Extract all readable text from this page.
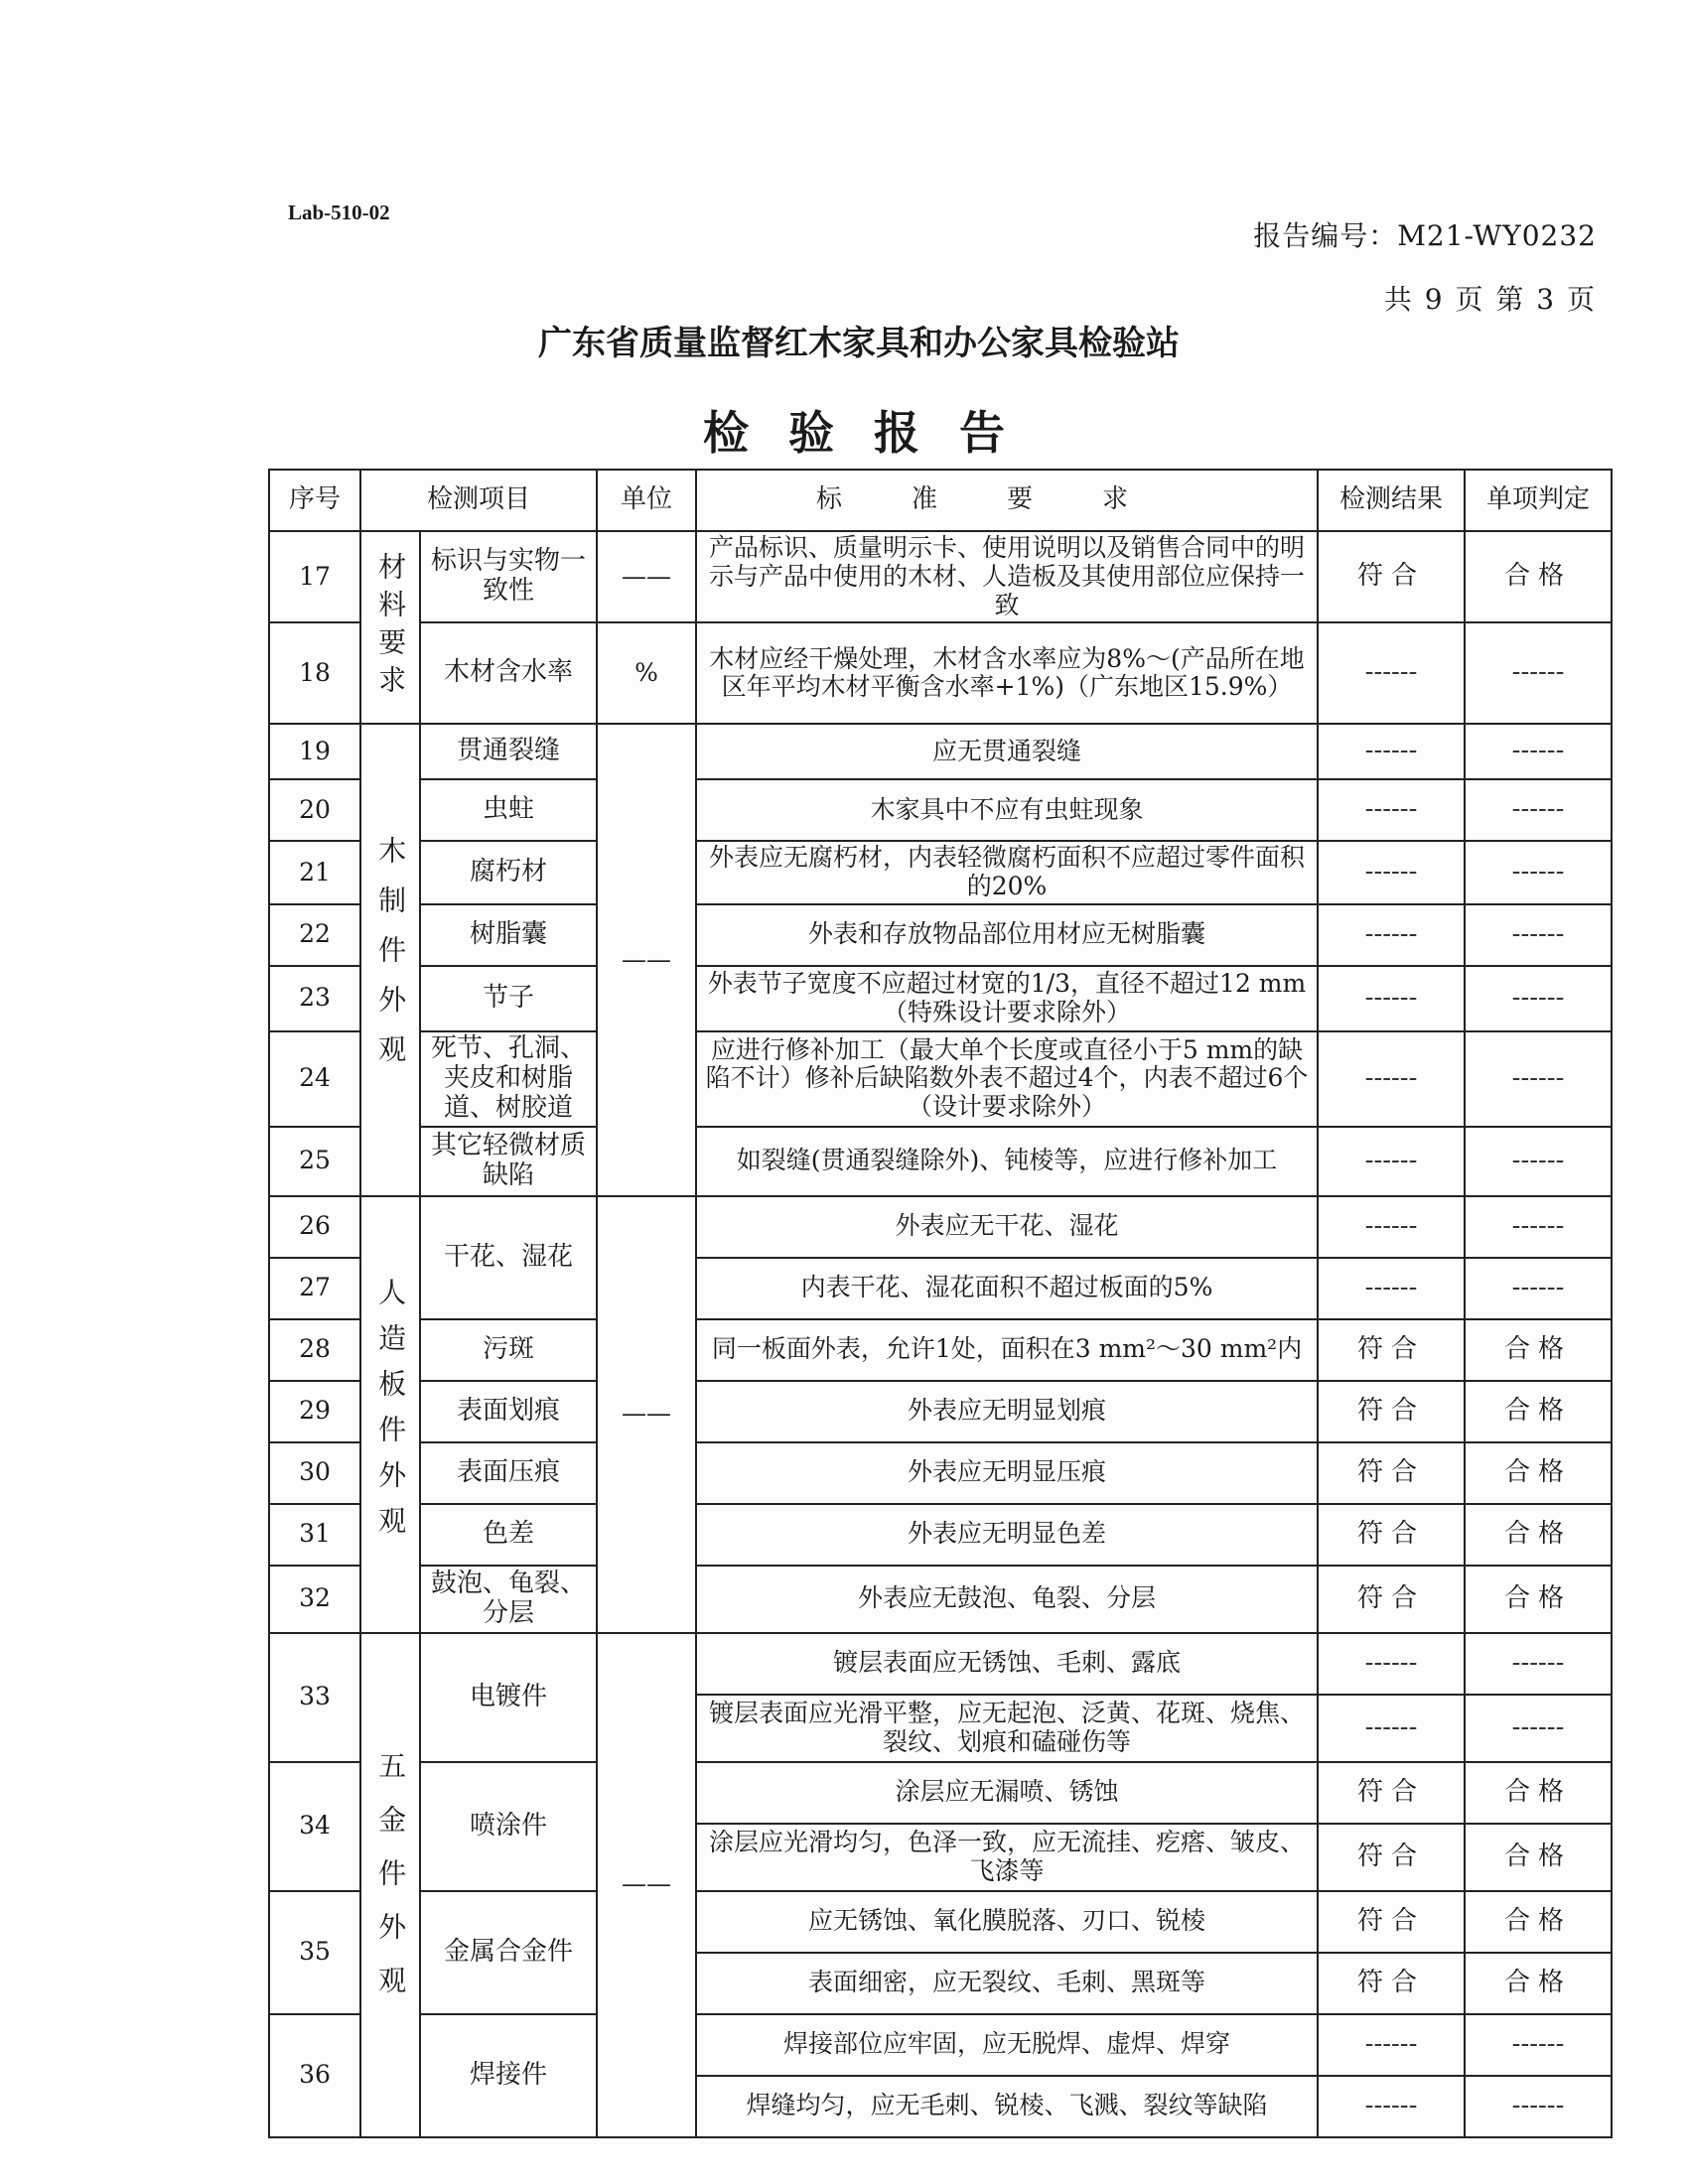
Lab-510-02
报告编号：M21-WY0232
共 9 页 第 3 页
广东省质量监督红木家具和办公家具检验站
检验报告
序号	检测项目		单位	标准要求	检测结果	单项判定
17	材料要求	标识与实物一致性	——	产品标识、质量明示卡、使用说明以及销售合同中的明示与产品中使用的木材、人造板及其使用部位应保持一致	符合	合格
18		木材含水率	%	木材应经干燥处理，木材含水率应为8%～(产品所在地区年平均木材平衡含水率+1%)（广东地区15.9%）	------	------
19	木制件外观	贯通裂缝	——	应无贯通裂缝	------	------
20		虫蛀		木家具中不应有虫蛀现象	------	------
21		腐朽材		外表应无腐朽材，内表轻微腐朽面积不应超过零件面积的20%	------	------
22		树脂囊		外表和存放物品部位用材应无树脂囊	------	------
23		节子		外表节子宽度不应超过材宽的1/3，直径不超过12 mm（特殊设计要求除外）	------	------
24		死节、孔洞、夹皮和树脂道、树胶道		应进行修补加工（最大单个长度或直径小于5 mm的缺陷不计）修补后缺陷数外表不超过4个，内表不超过6个（设计要求除外）	------	------
25		其它轻微材质缺陷		如裂缝(贯通裂缝除外)、钝棱等，应进行修补加工	------	------
26	人造板件外观	干花、湿花	——	外表应无干花、湿花	------	------
27				内表干花、湿花面积不超过板面的5%	------	------
28		污斑		同一板面外表，允许1处，面积在3 mm²～30 mm²内	符合	合格
29		表面划痕		外表应无明显划痕	符合	合格
30		表面压痕		外表应无明显压痕	符合	合格
31		色差		外表应无明显色差	符合	合格
32		鼓泡、龟裂、分层		外表应无鼓泡、龟裂、分层	符合	合格
33	五金件外观	电镀件	——	镀层表面应无锈蚀、毛刺、露底	------	------
				镀层表面应光滑平整，应无起泡、泛黄、花斑、烧焦、裂纹、划痕和磕碰伤等	------	------
34		喷涂件		涂层应无漏喷、锈蚀	符合	合格
				涂层应光滑均匀，色泽一致，应无流挂、疙瘩、皱皮、飞漆等	符合	合格
35		金属合金件		应无锈蚀、氧化膜脱落、刃口、锐棱	符合	合格
				表面细密，应无裂纹、毛刺、黑斑等	符合	合格
36		焊接件		焊接部位应牢固，应无脱焊、虚焊、焊穿	------	------
				焊缝均匀，应无毛刺、锐棱、飞溅、裂纹等缺陷	------	------
